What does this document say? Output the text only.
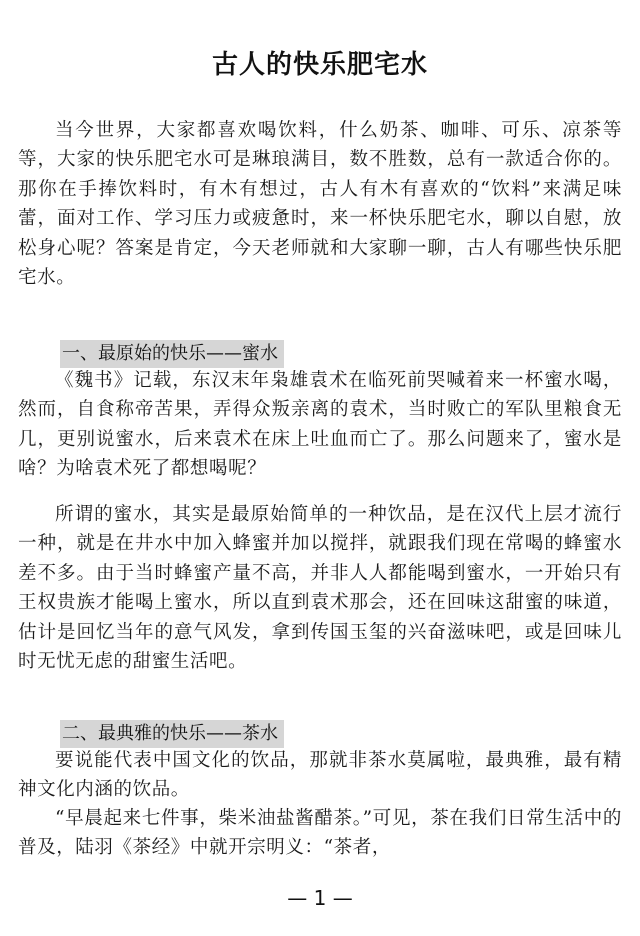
古人的快乐肥宅水
当今世界，大家都喜欢喝饮料，什么奶茶、咖啡、可乐、凉茶等等，大家的快乐肥宅水可是琳琅满目，数不胜数，总有一款适合你的。那你在手捧饮料时，有木有想过，古人有木有喜欢的“饮料”来满足味蕾，面对工作、学习压力或疲惫时，来一杯快乐肥宅水，聊以自慰，放松身心呢？答案是肯定，今天老师就和大家聊一聊，古人有哪些快乐肥宅水。
一、最原始的快乐——蜜水
《魏书》记载，东汉末年枭雄袁术在临死前哭喊着来一杯蜜水喝，然而，自食称帝苦果，弄得众叛亲离的袁术，当时败亡的军队里粮食无几，更别说蜜水，后来袁术在床上吐血而亡了。那么问题来了，蜜水是啥？为啥袁术死了都想喝呢？
所谓的蜜水，其实是最原始简单的一种饮品，是在汉代上层才流行一种，就是在井水中加入蜂蜜并加以搅拌，就跟我们现在常喝的蜂蜜水差不多。由于当时蜂蜜产量不高，并非人人都能喝到蜜水，一开始只有王权贵族才能喝上蜜水，所以直到袁术那会，还在回味这甜蜜的味道，估计是回忆当年的意气风发，拿到传国玉玺的兴奋滋味吧，或是回味儿时无忧无虑的甜蜜生活吧。
二、最典雅的快乐——茶水
要说能代表中国文化的饮品，那就非茶水莫属啦，最典雅，最有精神文化内涵的饮品。
“早晨起来七件事，柴米油盐酱醋茶。”可见，茶在我们日常生活中的普及，陆羽《茶经》中就开宗明义：“茶者，
— 1 —
